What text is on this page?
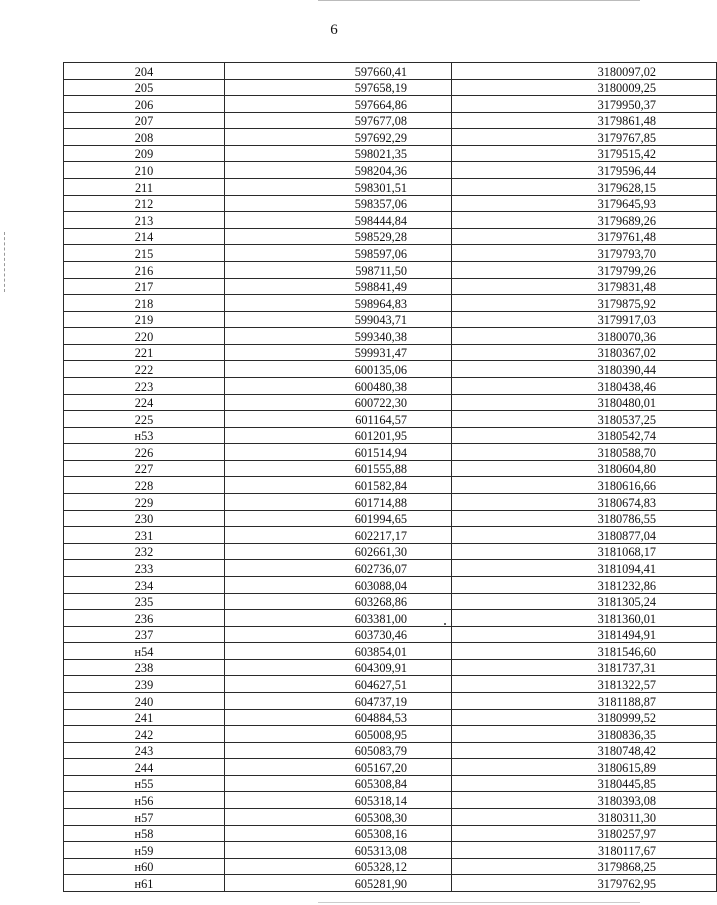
6
204	597660,41	3180097,02
205	597658,19	3180009,25
206	597664,86	3179950,37
207	597677,08	3179861,48
208	597692,29	3179767,85
209	598021,35	3179515,42
210	598204,36	3179596,44
211	598301,51	3179628,15
212	598357,06	3179645,93
213	598444,84	3179689,26
214	598529,28	3179761,48
215	598597,06	3179793,70
216	598711,50	3179799,26
217	598841,49	3179831,48
218	598964,83	3179875,92
219	599043,71	3179917,03
220	599340,38	3180070,36
221	599931,47	3180367,02
222	600135,06	3180390,44
223	600480,38	3180438,46
224	600722,30	3180480,01
225	601164,57	3180537,25
н53	601201,95	3180542,74
226	601514,94	3180588,70
227	601555,88	3180604,80
228	601582,84	3180616,66
229	601714,88	3180674,83
230	601994,65	3180786,55
231	602217,17	3180877,04
232	602661,30	3181068,17
233	602736,07	3181094,41
234	603088,04	3181232,86
235	603268,86	3181305,24
236	603381,00	3181360,01
237	603730,46	3181494,91
н54	603854,01	3181546,60
238	604309,91	3181737,31
239	604627,51	3181322,57
240	604737,19	3181188,87
241	604884,53	3180999,52
242	605008,95	3180836,35
243	605083,79	3180748,42
244	605167,20	3180615,89
н55	605308,84	3180445,85
н56	605318,14	3180393,08
н57	605308,30	3180311,30
н58	605308,16	3180257,97
н59	605313,08	3180117,67
н60	605328,12	3179868,25
н61	605281,90	3179762,95
